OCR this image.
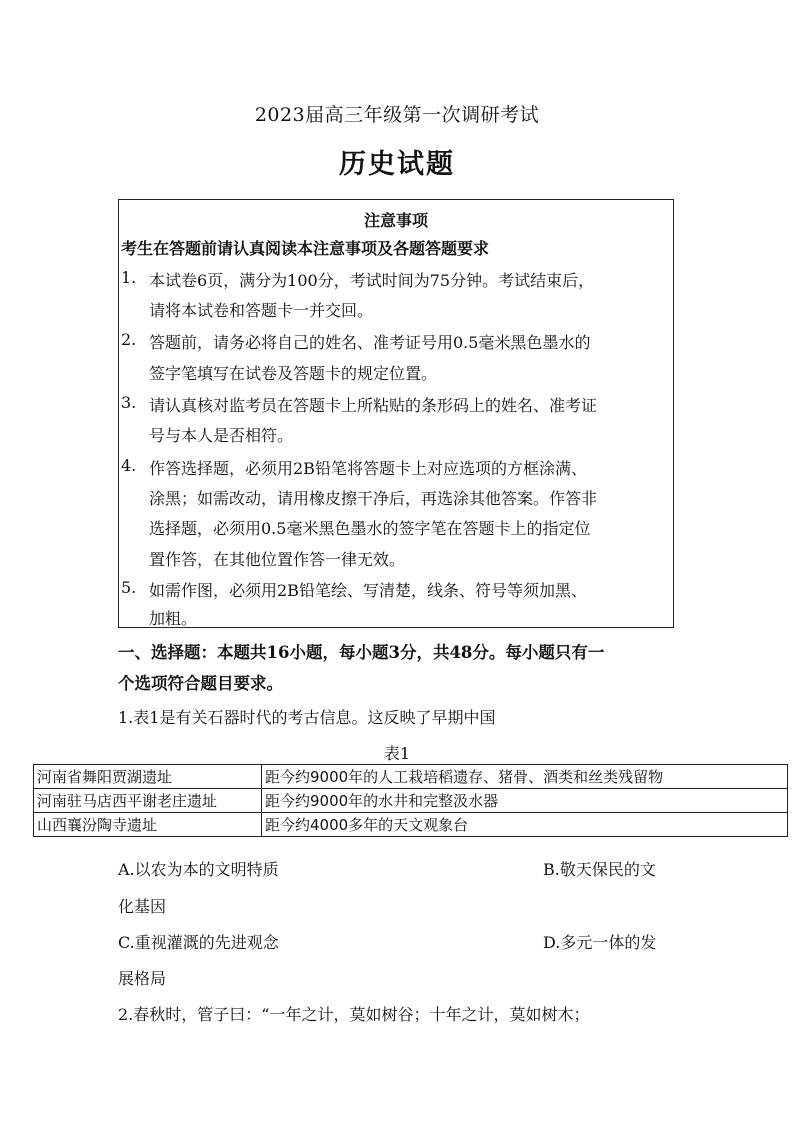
2023届高三年级第一次调研考试
历史试题
注意事项
考生在答题前请认真阅读本注意事项及各题答题要求
1. 本试卷6页，满分为100分，考试时间为75分钟。考试结束后，
请将本试卷和答题卡一并交回。
2. 答题前，请务必将自己的姓名、准考证号用0.5毫米黑色墨水的
签字笔填写在试卷及答题卡的规定位置。
3. 请认真核对监考员在答题卡上所粘贴的条形码上的姓名、准考证
号与本人是否相符。
4. 作答选择题，必须用2B铅笔将答题卡上对应选项的方框涂满、
涂黑；如需改动，请用橡皮擦干净后，再选涂其他答案。作答非
选择题，必须用0.5毫米黑色墨水的签字笔在答题卡上的指定位
置作答，在其他位置作答一律无效。
5. 如需作图，必须用2B铅笔绘、写清楚，线条、符号等须加黑、
加粗。
一、选择题：本题共16小题，每小题3分，共48分。每小题只有一
个选项符合题目要求。
1.表1是有关石器时代的考古信息。这反映了早期中国
表1
河南省舞阳贾湖遗址	距今约9000年的人工栽培稻遗存、猪骨、酒类和丝类残留物
河南驻马店西平谢老庄遗址	距今约9000年的水井和完整汲水器
山西襄汾陶寺遗址	距今约4000多年的天文观象台
A.以农为本的文明特质	B.敬天保民的文
化基因
C.重视灌溉的先进观念	D.多元一体的发
展格局
2.春秋时，管子曰：“一年之计，莫如树谷；十年之计，莫如树木；
